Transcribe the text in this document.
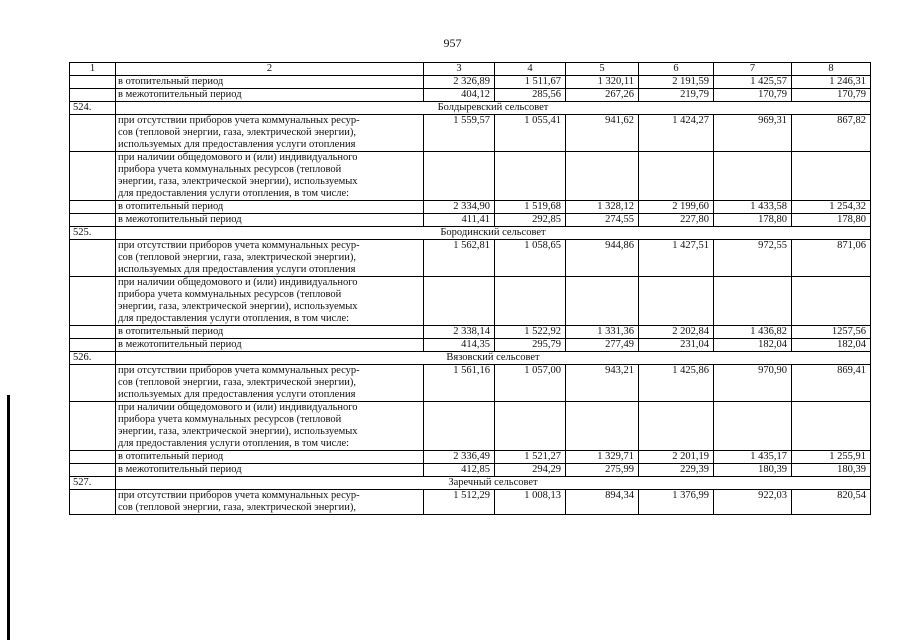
957
1	2	3	4	5	6	7	8
	в отопительный период	2 326,89	1 511,67	1 320,11	2 191,59	1 425,57	1 246,31
	в межотопительный период	404,12	285,56	267,26	219,79	170,79	170,79
524.	Болдыревский сельсовет						
	при отсутствии приборов учета коммунальных ресур-
сов (тепловой энергии, газа, электрической энергии),
используемых для предоставления услуги отопления	1 559,57	1 055,41	941,62	1 424,27	969,31	867,82
	при наличии общедомового и (или) индивидуального
прибора учета коммунальных ресурсов (тепловой
энергии, газа, электрической энергии), используемых
для предоставления услуги отопления, в том числе:						
	в отопительный период	2 334,90	1 519,68	1 328,12	2 199,60	1 433,58	1 254,32
	в межотопительный период	411,41	292,85	274,55	227,80	178,80	178,80
525.	Бородинский сельсовет						
	при отсутствии приборов учета коммунальных ресур-
сов (тепловой энергии, газа, электрической энергии),
используемых для предоставления услуги отопления	1 562,81	1 058,65	944,86	1 427,51	972,55	871,06
	при наличии общедомового и (или) индивидуального
прибора учета коммунальных ресурсов (тепловой
энергии, газа, электрической энергии), используемых
для предоставления услуги отопления, в том числе:						
	в отопительный период	2 338,14	1 522,92	1 331,36	2 202,84	1 436,82	1257,56
	в межотопительный период	414,35	295,79	277,49	231,04	182,04	182,04
526.	Вязовский сельсовет						
	при отсутствии приборов учета коммунальных ресур-
сов (тепловой энергии, газа, электрической энергии),
используемых для предоставления услуги отопления	1 561,16	1 057,00	943,21	1 425,86	970,90	869,41
	при наличии общедомового и (или) индивидуального
прибора учета коммунальных ресурсов (тепловой
энергии, газа, электрической энергии), используемых
для предоставления услуги отопления, в том числе:						
	в отопительный период	2 336,49	1 521,27	1 329,71	2 201,19	1 435,17	1 255,91
	в межотопительный период	412,85	294,29	275,99	229,39	180,39	180,39
527.	Заречный сельсовет						
	при отсутствии приборов учета коммунальных ресур-
сов (тепловой энергии, газа, электрической энергии),	1 512,29	1 008,13	894,34	1 376,99	922,03	820,54
